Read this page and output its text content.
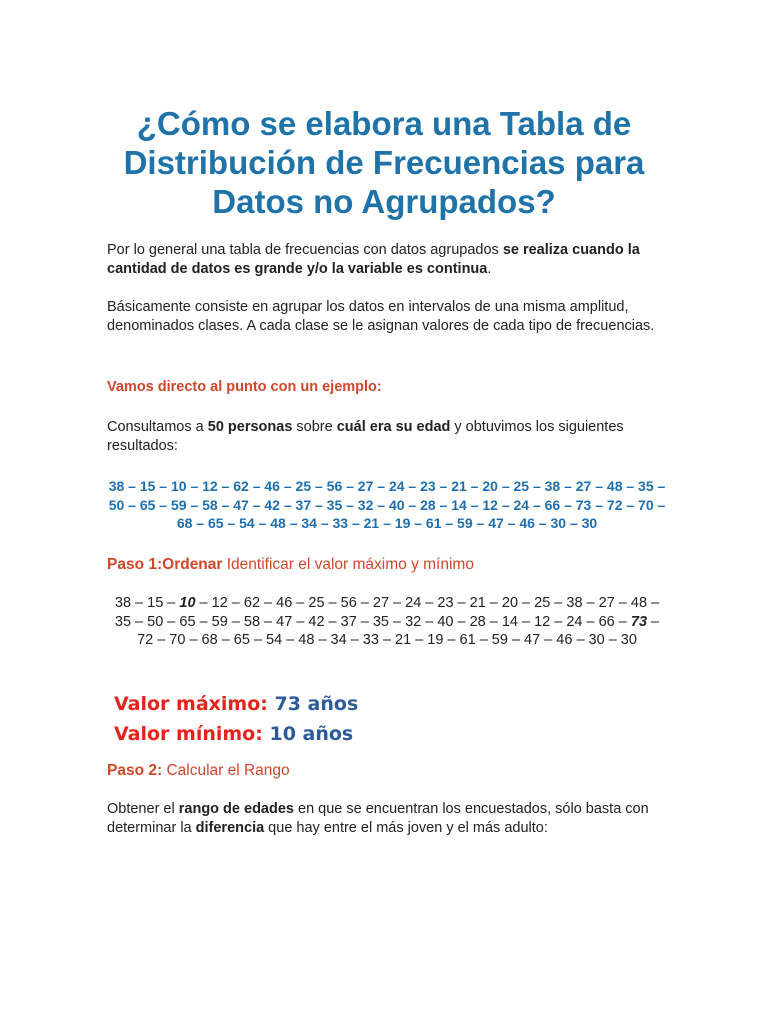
¿Cómo se elabora una Tabla de Distribución de Frecuencias para Datos no Agrupados?

Por lo general una tabla de frecuencias con datos agrupados se realiza cuando la cantidad de datos es grande y/o la variable es continua.

Básicamente consiste en agrupar los datos en intervalos de una misma amplitud, denominados clases. A cada clase se le asignan valores de cada tipo de frecuencias.

Vamos directo al punto con un ejemplo:

Consultamos a 50 personas sobre cuál era su edad y obtuvimos los siguientes resultados:

38 – 15 – 10 – 12 – 62 – 46 – 25 – 56 – 27 – 24 – 23 – 21 – 20 – 25 – 38 – 27 – 48 – 35 – 50 – 65 – 59 – 58 – 47 – 42 – 37 – 35 – 32 – 40 – 28 – 14 – 12 – 24 – 66 – 73 – 72 – 70 – 68 – 65 – 54 – 48 – 34 – 33 – 21 – 19 – 61 – 59 – 47 – 46 – 30 – 30

Paso 1:Ordenar Identificar el valor máximo y mínimo

38 – 15 – 10 – 12 – 62 – 46 – 25 – 56 – 27 – 24 – 23 – 21 – 20 – 25 – 38 – 27 – 48 – 35 – 50 – 65 – 59 – 58 – 47 – 42 – 37 – 35 – 32 – 40 – 28 – 14 – 12 – 24 – 66 – 73 – 72 – 70 – 68 – 65 – 54 – 48 – 34 – 33 – 21 – 19 – 61 – 59 – 47 – 46 – 30 – 30

Valor máximo: 73 años

Valor mínimo: 10 años

Paso 2: Calcular el Rango

Obtener el rango de edades en que se encuentran los encuestados, sólo basta con determinar la diferencia que hay entre el más joven y el más adulto:
